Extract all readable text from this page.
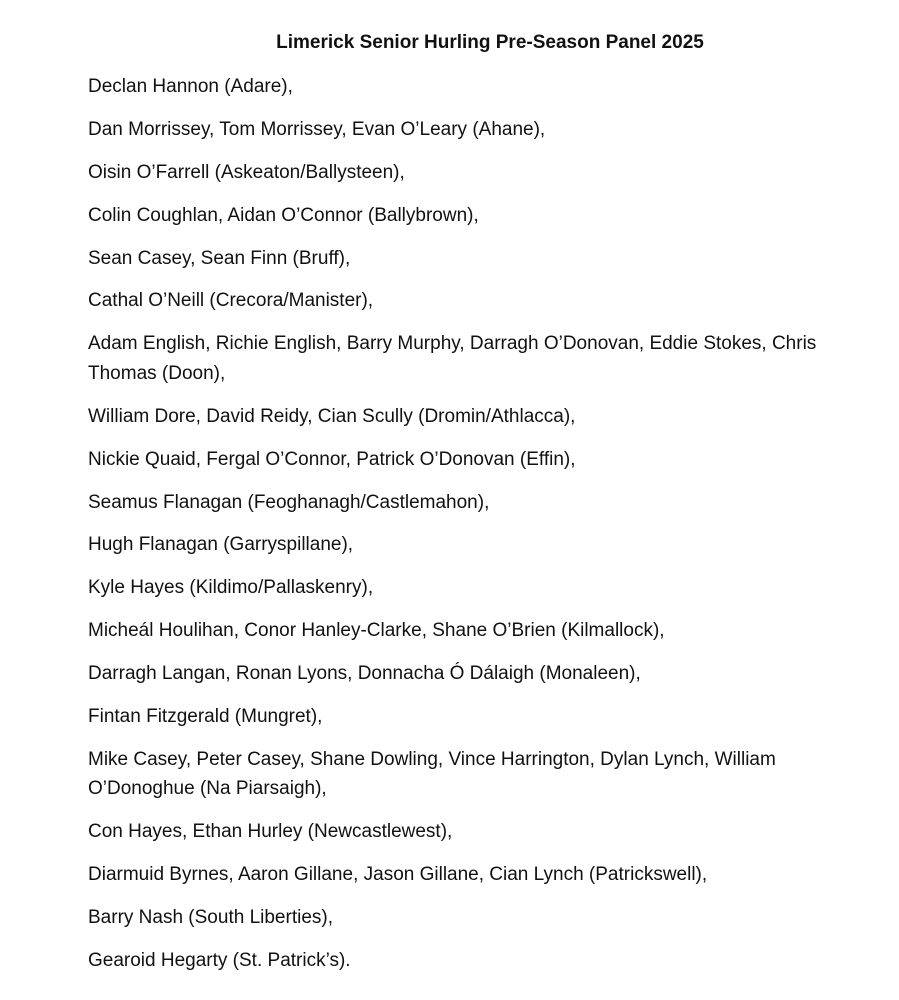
Limerick Senior Hurling Pre-Season Panel 2025

Declan Hannon (Adare),

Dan Morrissey, Tom Morrissey, Evan O’Leary (Ahane),

Oisin O’Farrell (Askeaton/Ballysteen),

Colin Coughlan, Aidan O’Connor (Ballybrown),

Sean Casey, Sean Finn (Bruff),

Cathal O’Neill (Crecora/Manister),

Adam English, Richie English, Barry Murphy, Darragh O’Donovan, Eddie Stokes, Chris Thomas (Doon),

William Dore, David Reidy, Cian Scully (Dromin/Athlacca),

Nickie Quaid, Fergal O’Connor, Patrick O’Donovan (Effin),

Seamus Flanagan (Feoghanagh/Castlemahon),

Hugh Flanagan (Garryspillane),

Kyle Hayes (Kildimo/Pallaskenry),

Micheál Houlihan, Conor Hanley-Clarke, Shane O’Brien (Kilmallock),

Darragh Langan, Ronan Lyons, Donnacha Ó Dálaigh (Monaleen),

Fintan Fitzgerald (Mungret),

Mike Casey, Peter Casey, Shane Dowling, Vince Harrington, Dylan Lynch, William O’Donoghue (Na Piarsaigh),

Con Hayes, Ethan Hurley (Newcastlewest),

Diarmuid Byrnes, Aaron Gillane, Jason Gillane, Cian Lynch (Patrickswell),

Barry Nash (South Liberties),

Gearoid Hegarty (St. Patrick’s).
